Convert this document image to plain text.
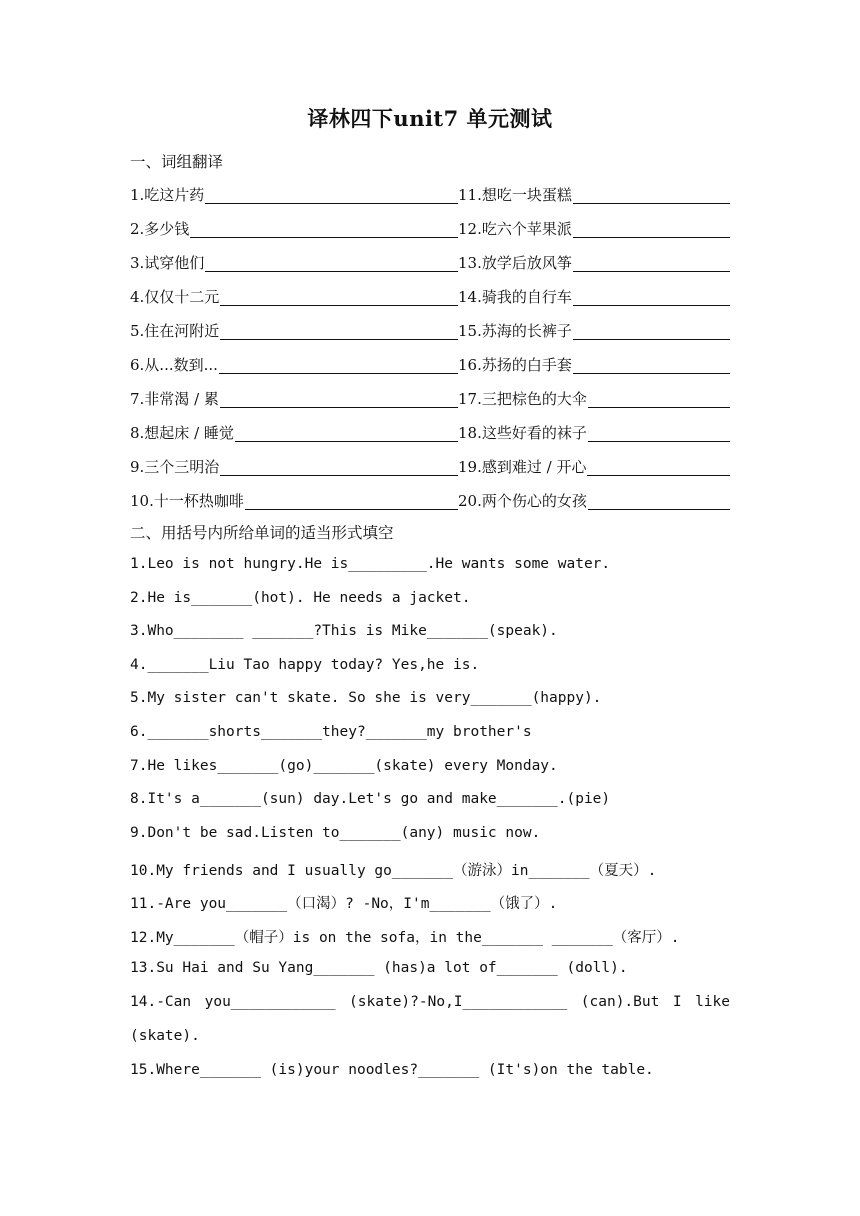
译林四下unit7 单元测试
一、词组翻译
1.吃这片药	11.想吃一块蛋糕
2.多少钱	12.吃六个苹果派
3.试穿他们	13.放学后放风筝
4.仅仅十二元	14.骑我的自行车
5.住在河附近	15.苏海的长裤子
6.从...数到...	16.苏扬的白手套
7.非常渴 / 累	17.三把棕色的大伞
8.想起床 / 睡觉	18.这些好看的袜子
9.三个三明治	19.感到难过 / 开心
10.十一杯热咖啡	20.两个伤心的女孩
二、用括号内所给单词的适当形式填空
1.Leo is not hungry.He is_________.He wants some water.
2.He is_______(hot). He needs a jacket.
3.Who________ _______?This is Mike_______(speak).
4._______Liu Tao happy today? Yes,he is.
5.My sister can't skate. So she is very_______(happy).
6._______shorts_______they?_______my brother's
7.He likes_______(go)_______(skate) every Monday.
8.It's a_______(sun) day.Let's go and make_______.(pie)
9.Don't be sad.Listen to_______(any) music now.
10.My friends and I usually go_______（游泳）in_______（夏天）.
11.-Are you_______（口渴）? -No，I'm_______（饿了）.
12.My_______（帽子）is on the sofa，in the_______ _______（客厅）.
13.Su Hai and Su Yang_______ (has)a lot of_______ (doll).
14.-Can you____________ (skate)?-No,I____________ (can).But I like (skate).
15.Where_______ (is)your noodles?_______ (It's)on the table.
